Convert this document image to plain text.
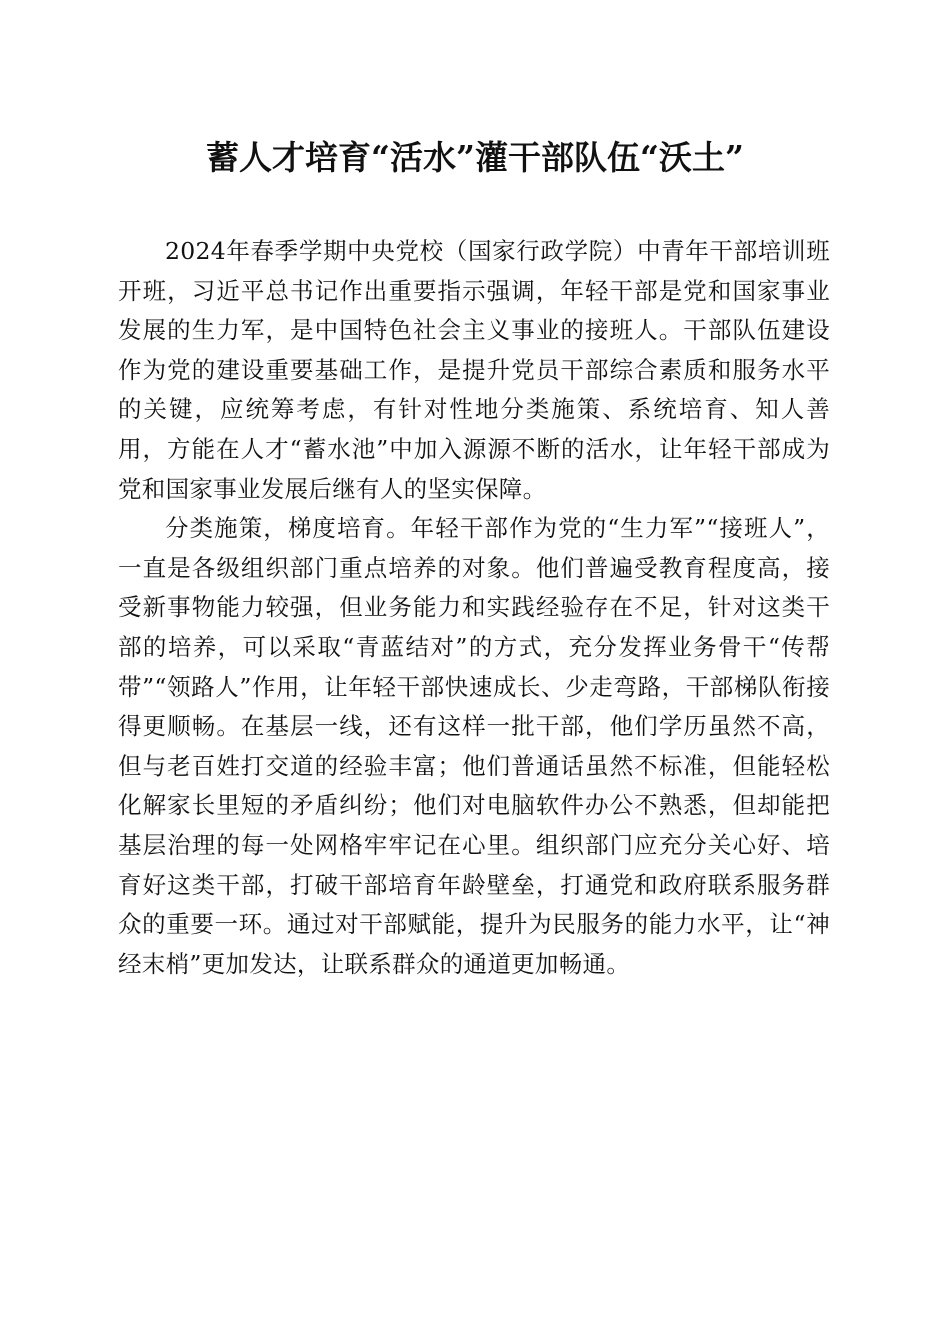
蓄人才培育“活水”灌干部队伍“沃土”

2024年春季学期中央党校（国家行政学院）中青年干部培训班开班，习近平总书记作出重要指示强调，年轻干部是党和国家事业发展的生力军，是中国特色社会主义事业的接班人。干部队伍建设作为党的建设重要基础工作，是提升党员干部综合素质和服务水平的关键，应统筹考虑，有针对性地分类施策、系统培育、知人善用，方能在人才“蓄水池”中加入源源不断的活水，让年轻干部成为党和国家事业发展后继有人的坚实保障。

分类施策，梯度培育。年轻干部作为党的“生力军”“接班人”，一直是各级组织部门重点培养的对象。他们普遍受教育程度高，接受新事物能力较强，但业务能力和实践经验存在不足，针对这类干部的培养，可以采取“青蓝结对”的方式，充分发挥业务骨干“传帮带”“领路人”作用，让年轻干部快速成长、少走弯路，干部梯队衔接得更顺畅。在基层一线，还有这样一批干部，他们学历虽然不高，但与老百姓打交道的经验丰富；他们普通话虽然不标准，但能轻松化解家长里短的矛盾纠纷；他们对电脑软件办公不熟悉，但却能把基层治理的每一处网格牢牢记在心里。组织部门应充分关心好、培育好这类干部，打破干部培育年龄壁垒，打通党和政府联系服务群众的重要一环。通过对干部赋能，提升为民服务的能力水平，让“神经末梢”更加发达，让联系群众的通道更加畅通。
